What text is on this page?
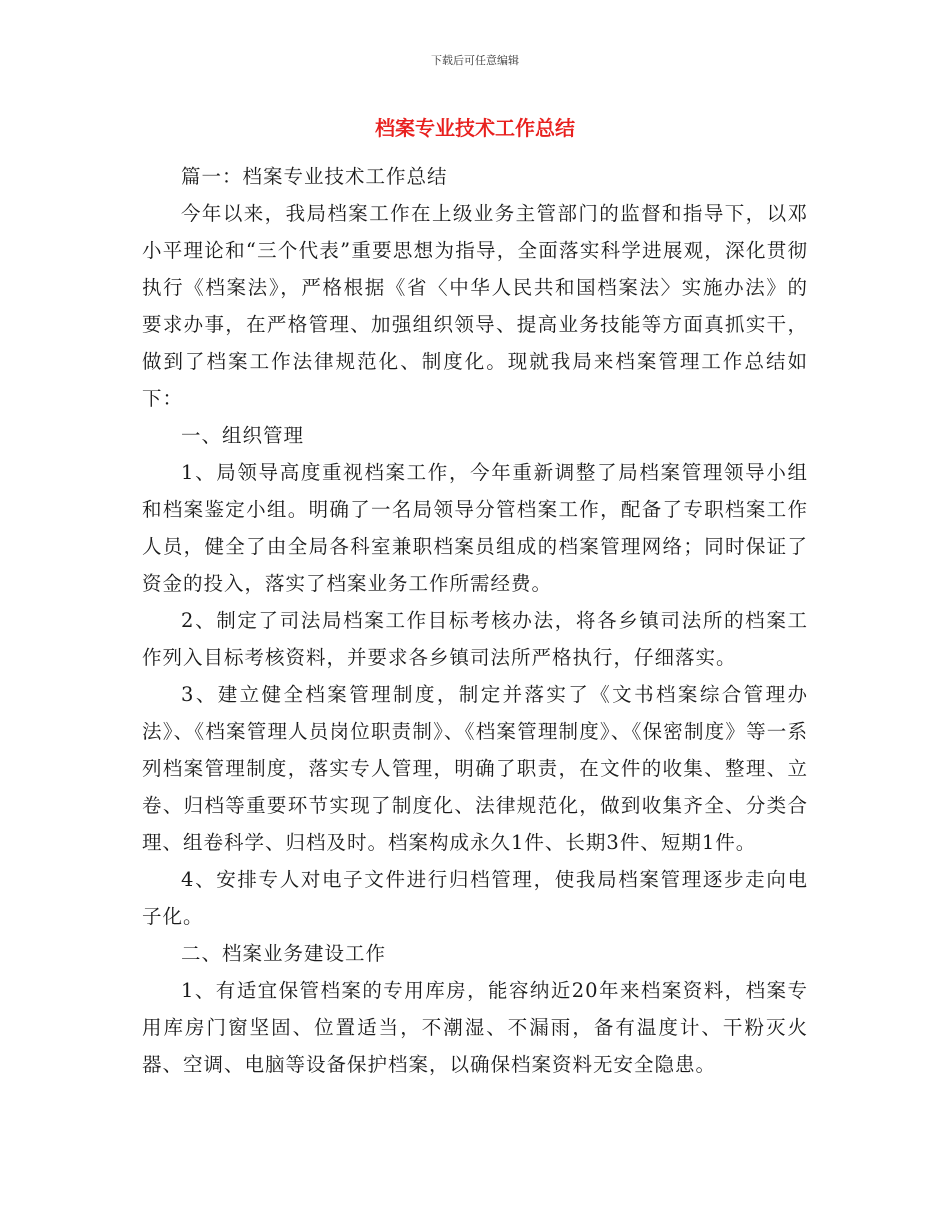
下载后可任意编辑
档案专业技术工作总结

篇一：档案专业技术工作总结

今年以来，我局档案工作在上级业务主管部门的监督和指导下，以邓小平理论和“三个代表”重要思想为指导，全面落实科学进展观，深化贯彻执行《档案法》，严格根据《省〈中华人民共和国档案法〉实施办法》的要求办事，在严格管理、加强组织领导、提高业务技能等方面真抓实干，做到了档案工作法律规范化、制度化。现就我局来档案管理工作总结如下：

一、组织管理

1、局领导高度重视档案工作，今年重新调整了局档案管理领导小组和档案鉴定小组。明确了一名局领导分管档案工作，配备了专职档案工作人员，健全了由全局各科室兼职档案员组成的档案管理网络；同时保证了资金的投入，落实了档案业务工作所需经费。

2、制定了司法局档案工作目标考核办法，将各乡镇司法所的档案工作列入目标考核资料，并要求各乡镇司法所严格执行，仔细落实。

3、建立健全档案管理制度，制定并落实了《文书档案综合管理办法》、《档案管理人员岗位职责制》、《档案管理制度》、《保密制度》等一系列档案管理制度，落实专人管理，明确了职责，在文件的收集、整理、立卷、归档等重要环节实现了制度化、法律规范化，做到收集齐全、分类合理、组卷科学、归档及时。档案构成永久1件、长期3件、短期1件。

4、安排专人对电子文件进行归档管理，使我局档案管理逐步走向电子化。

二、档案业务建设工作

1、有适宜保管档案的专用库房，能容纳近20年来档案资料，档案专用库房门窗坚固、位置适当，不潮湿、不漏雨，备有温度计、干粉灭火器、空调、电脑等设备保护档案，以确保档案资料无安全隐患。
